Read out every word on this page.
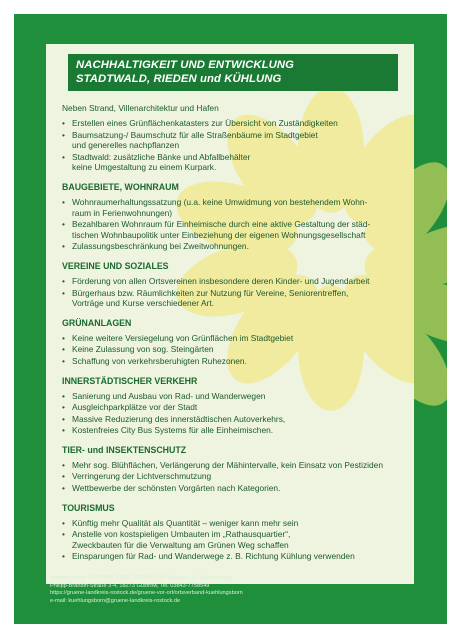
NACHHALTIGKEIT UND ENTWICKLUNG
STADTWALD, RIEDEN und KÜHLUNG
Neben Strand, Villenarchitektur und Hafen
• Erstellen eines Grünflächenkatasters zur Übersicht von Zuständigkeiten
• Baumsatzung-/ Baumschutz für alle Straßenbäume im Stadtgebiet
und generelles nachpflanzen
• Stadtwald: zusätzliche Bänke und Abfallbehälter
keine Umgestaltung zu einem Kurpark.
BAUGEBIETE, WOHNRAUM
• Wohnraumerhaltungssatzung (u.a. keine Umwidmung von bestehendem Wohn-
raum in Ferienwohnungen)
• Bezahlbaren Wohnraum für Einheimische durch eine aktive Gestaltung der städ-
tischen Wohnbaupolitik unter Einbeziehung der eigenen Wohnungsgesellschaft
• Zulassungsbeschränkung bei Zweitwohnungen.
VEREINE UND SOZIALES
• Förderung von allen Ortsvereinen insbesondere deren Kinder- und Jugendarbeit
• Bürgerhaus bzw. Räumlichkeiten zur Nutzung für Vereine, Seniorentreffen,
Vorträge und Kurse verschiedener Art.
GRÜNANLAGEN
• Keine weitere Versiegelung von Grünflächen im Stadtgebiet
• Keine Zulassung von sog. Steingärten
• Schaffung von verkehrsberuhigten Ruhezonen.
INNERSTÄDTISCHER VERKEHR
• Sanierung und Ausbau von Rad- und Wanderwegen
• Ausgleichparkplätze vor der Stadt
• Massive Reduzierung des innerstädtischen Autoverkehrs,
• Kostenfreies City Bus Systems für alle Einheimischen.
TIER- und INSEKTENSCHUTZ
• Mehr sog. Blühflächen, Verlängerung der Mähintervalle, kein Einsatz von Pestiziden
• Verringerung der Lichtverschmutzung
• Wettbewerbe der schönsten Vorgärten nach Kategorien.
TOURISMUS
• Künftig mehr Qualität als Quantität – weniger kann mehr sein
• Anstelle von kostspieligen Umbauten im „Rathausquartier“,
Zweckbauten für die Verwaltung am Grünen Weg schaffen
• Einsparungen für Rad- und Wanderwege z. B. Richtung Kühlung verwenden
Verantwortlich: BÜNDNIS 90/DIE GRÜNEN KV Rostock, LV Mecklenburg
Philipp-Brandin-Straße 3-4, 18273 Güstrow, Tel. 03843-7758549
https://gruene-landkreis-rostock.de/gruene-vor-ort/ortsverband-kuehlungsborn
e-mail: kuehlungsborn@gruene-landkreis-rostock.de
